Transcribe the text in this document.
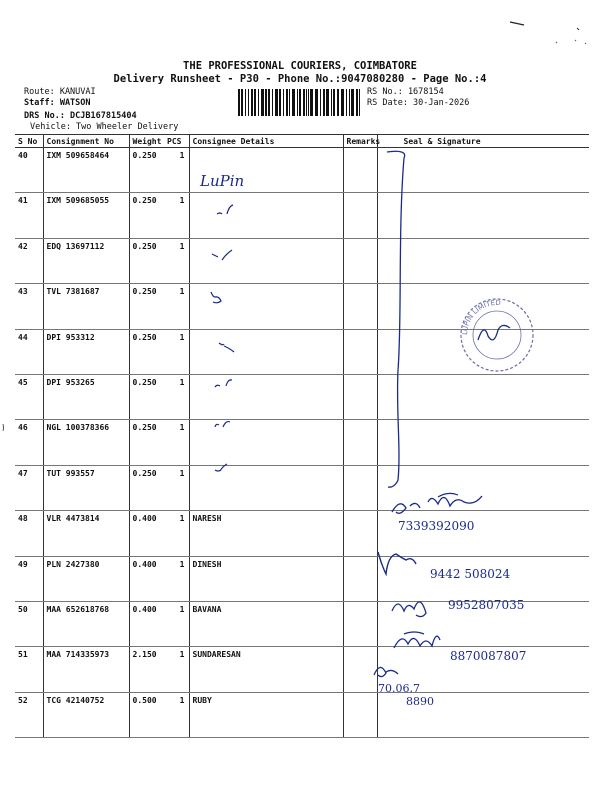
THE PROFESSIONAL COURIERS, COIMBATORE
Delivery Runsheet - P30 - Phone No.:9047080280 - Page No.:4
Route: KANUVAI
Staff: WATSON
DRS No.: DCJB167815404
Vehicle: Two Wheeler Delivery
RS No.: 1678154
RS Date: 30-Jan-2026
S No	Consignment No	Weight	PCS	Consignee Details	Remarks	Seal & Signature
40	IXM 509658464	0.250	1			
41	IXM 509685055	0.250	1			
42	EDQ 13697112	0.250	1			
43	TVL 7381687	0.250	1			
44	DPI 953312	0.250	1			
45	DPI 953265	0.250	1			
46	NGL 100378366	0.250	1			
47	TUT 993557	0.250	1			
48	VLR 4473814	0.400	1	NARESH		
49	PLN 2427380	0.400	1	DINESH		
50	MAA 652618768	0.400	1	BAVANA		
51	MAA 714335973	2.150	1	SUNDARESAN		
52	TCG 42140752	0.500	1	RUBY		
LuPin
LUPIN LIMITED
7339392090
9442 508024
9952807035
8870087807
70.06.7
8890
